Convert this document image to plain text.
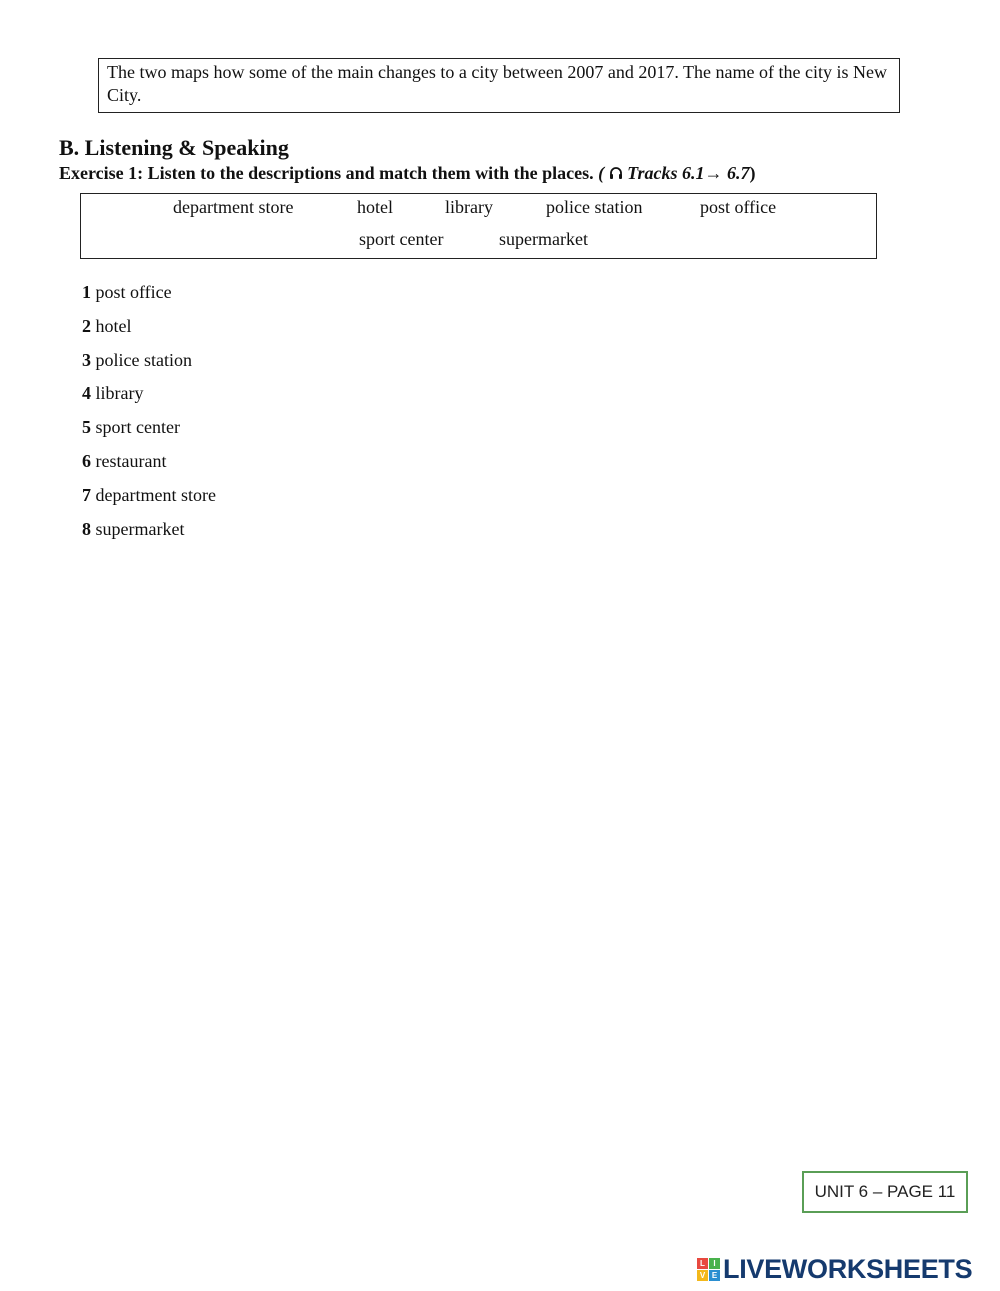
The two maps how some of the main changes to a city between 2007 and 2017. The name of the city is New City.
B. Listening & Speaking

Exercise 1: Listen to the descriptions and match them with the places. ( Tracks 6.1→ 6.7)

department store	hotel	library	police station	post office
sport center	supermarket
1 post office
2 hotel
3 police station
4 library
5 sport center
6 restaurant
7 department store
8 supermarket
UNIT 6 – PAGE 11
L	I
V E LIVEWORKSHEETS
